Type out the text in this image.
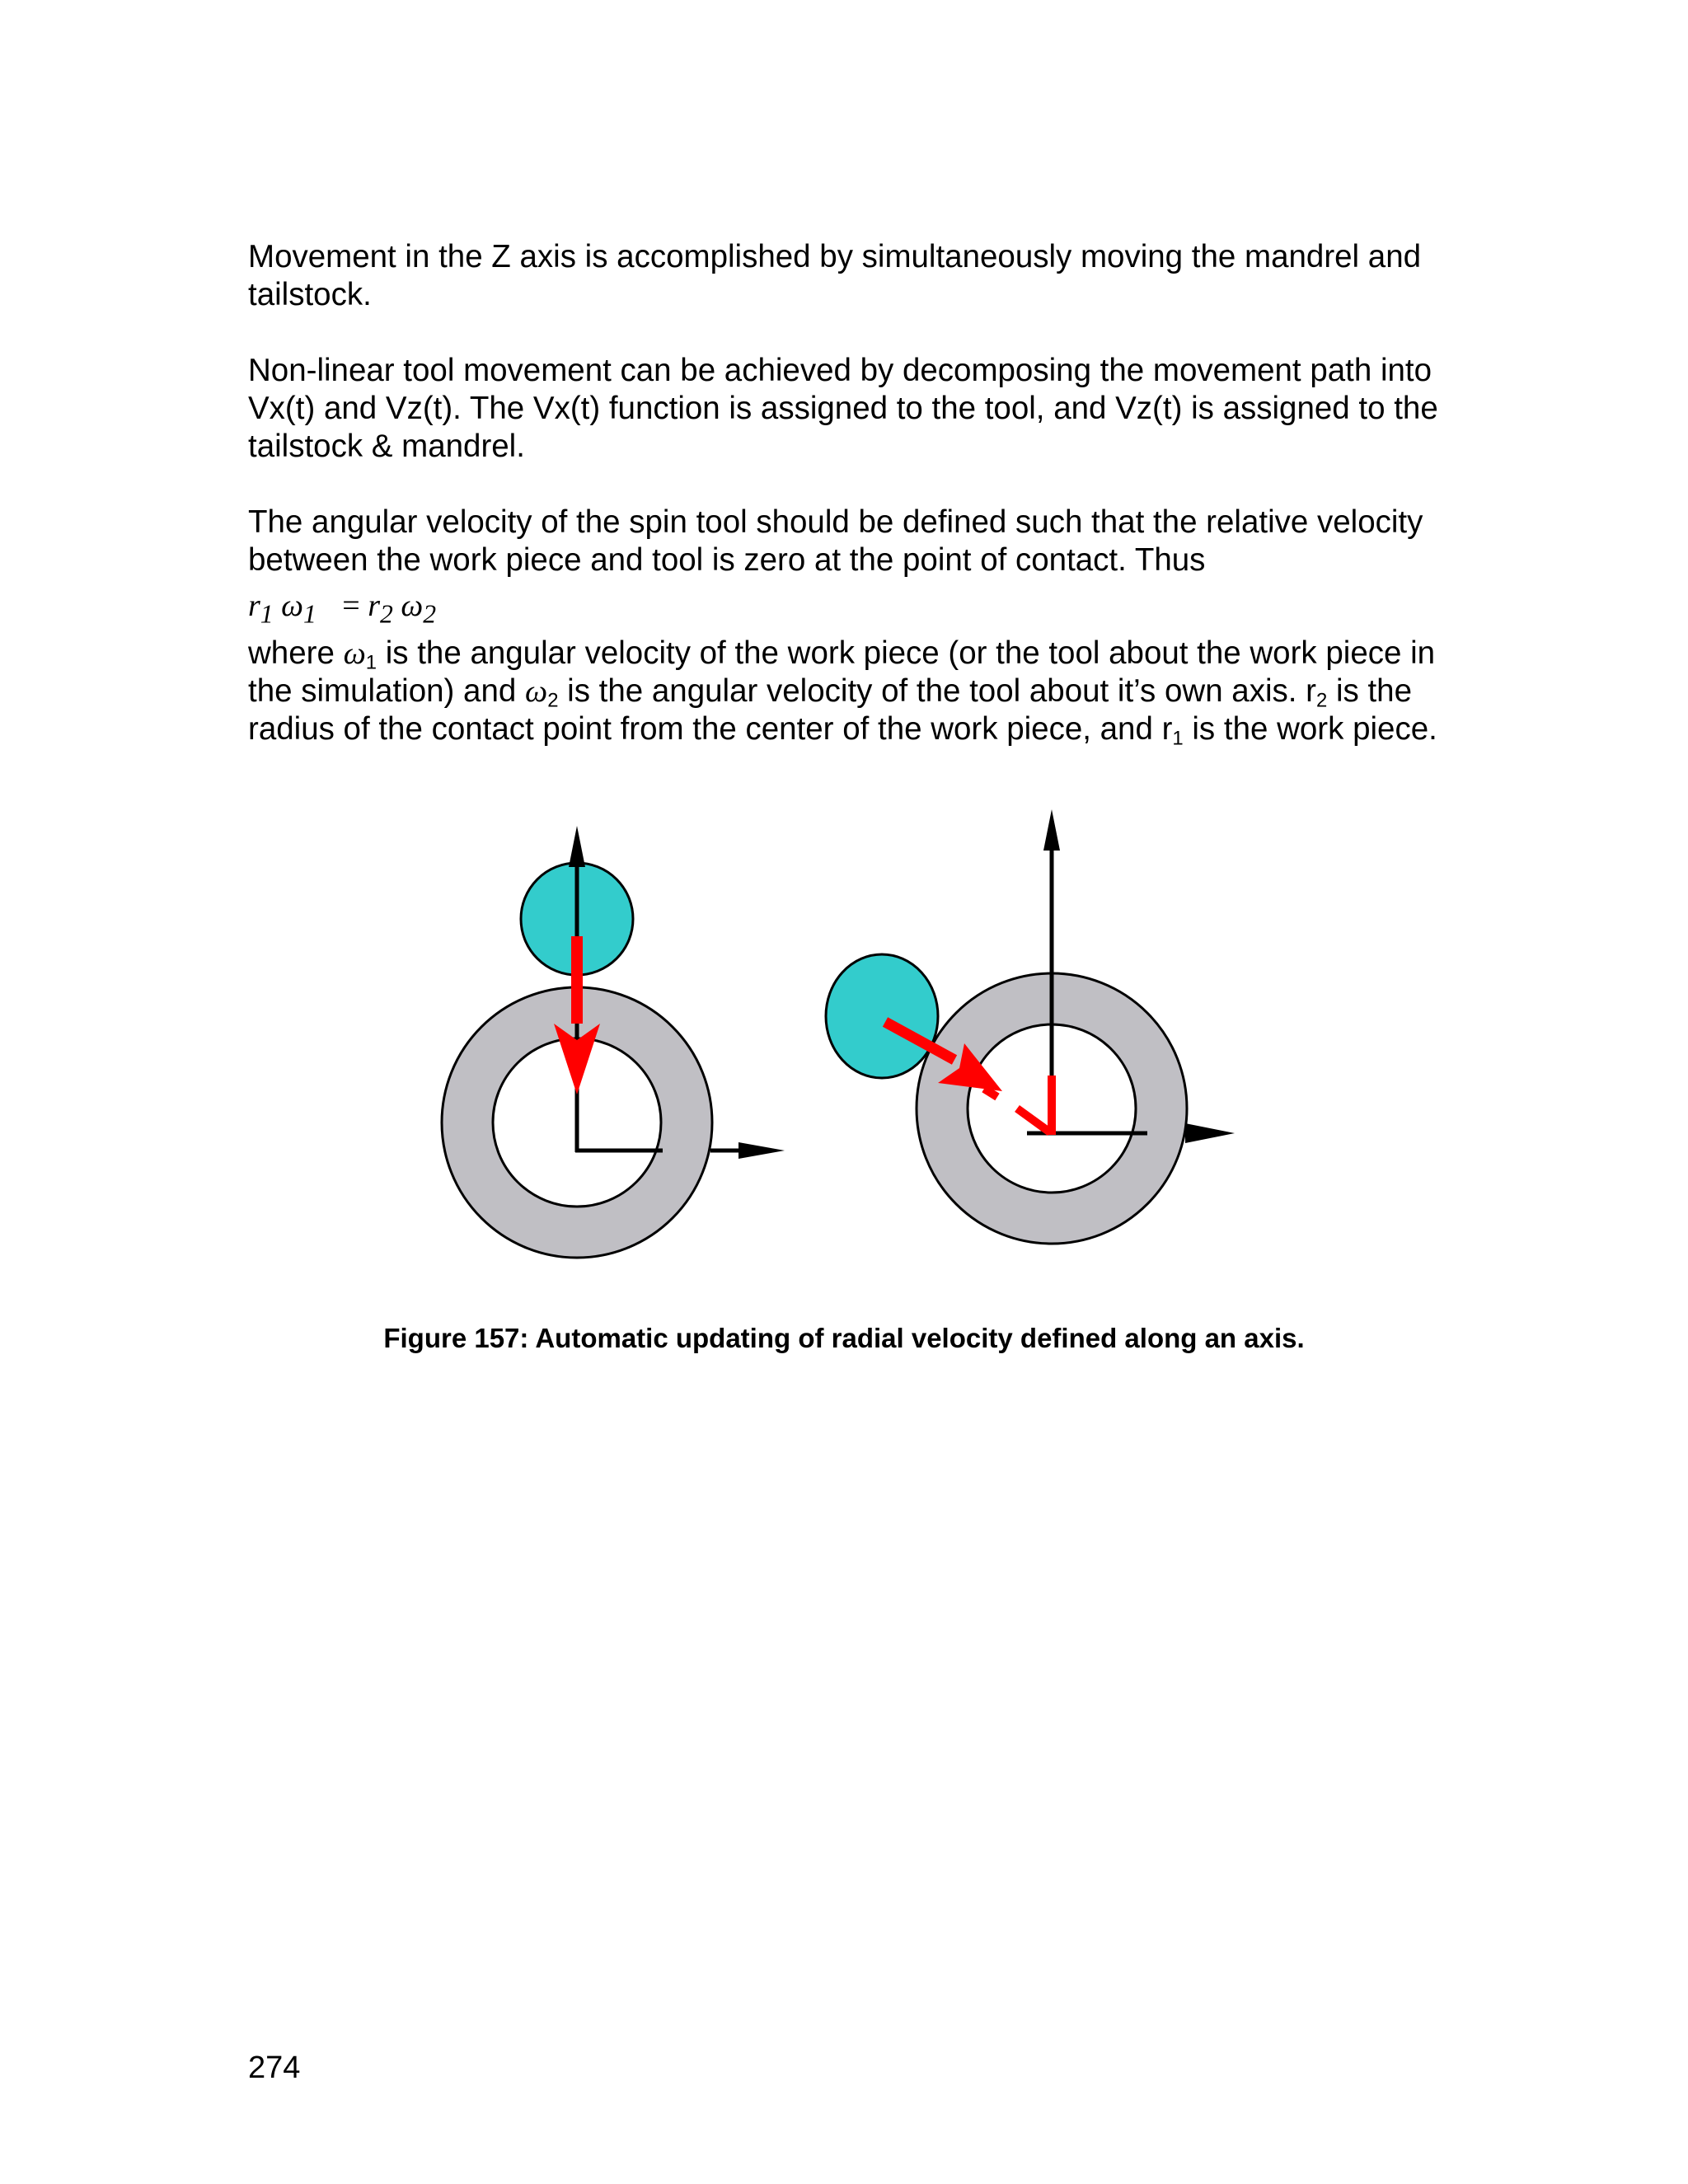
Movement in the Z axis is accomplished by simultaneously moving the mandrel and tailstock.

Non-linear tool movement can be achieved by decomposing the movement path into Vx(t) and Vz(t). The Vx(t) function is assigned to the tool, and Vz(t) is assigned to the tailstock & mandrel.

The angular velocity of the spin tool should be defined such that the relative velocity between the work piece and tool is zero at the point of contact. Thus

$r_1$ $\omega_1 = r_2$ $\omega_2$

where $\omega_1$ is the angular velocity of the work piece (or the tool about the work piece in the simulation) and $\omega_2$ is the angular velocity of the tool about it’s own axis. $r_2$ is the radius of the contact point from the center of the work piece, and $r_1$ is the work piece.

Figure 157: Automatic updating of radial velocity defined along an axis.
274
